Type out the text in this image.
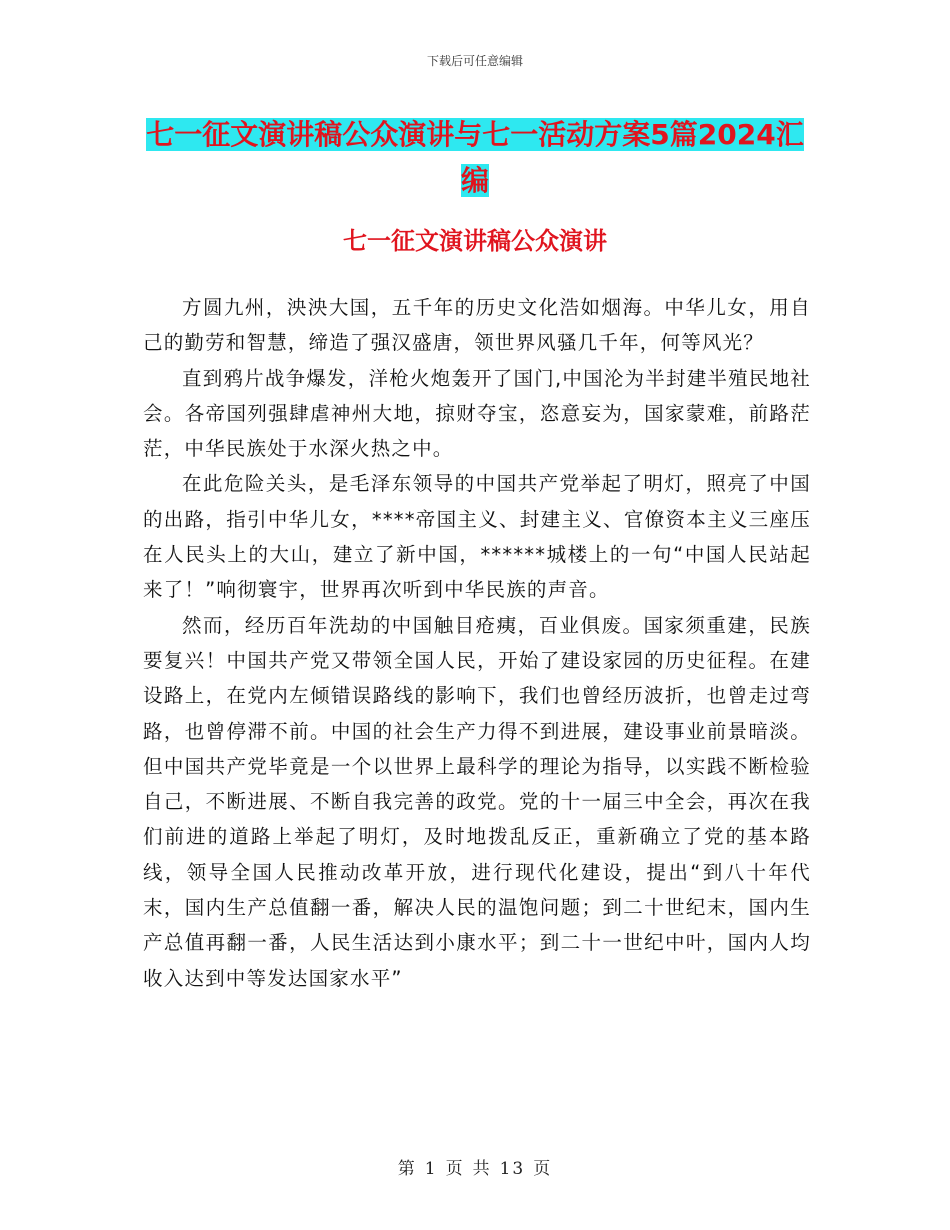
下载后可任意编辑
七一征文演讲稿公众演讲与七一活动方案5篇2024汇编
七一征文演讲稿公众演讲

方圆九州，泱泱大国，五千年的历史文化浩如烟海。中华儿女，用自己的勤劳和智慧，缔造了强汉盛唐，领世界风骚几千年，何等风光？

直到鸦片战争爆发，洋枪火炮轰开了国门,中国沦为半封建半殖民地社会。各帝国列强肆虐神州大地，掠财夺宝，恣意妄为，国家蒙难，前路茫茫，中华民族处于水深火热之中。

在此危险关头，是毛泽东领导的中国共产党举起了明灯，照亮了中国的出路，指引中华儿女，****帝国主义、封建主义、官僚资本主义三座压在人民头上的大山，建立了新中国，******城楼上的一句“中国人民站起来了！”响彻寰宇，世界再次听到中华民族的声音。

然而，经历百年洗劫的中国触目疮痍，百业俱废。国家须重建，民族要复兴！中国共产党又带领全国人民，开始了建设家园的历史征程。在建设路上，在党内左倾错误路线的影响下，我们也曾经历波折，也曾走过弯路，也曾停滞不前。中国的社会生产力得不到进展，建设事业前景暗淡。但中国共产党毕竟是一个以世界上最科学的理论为指导，以实践不断检验自己，不断进展、不断自我完善的政党。党的十一届三中全会，再次在我们前进的道路上举起了明灯，及时地拨乱反正，重新确立了党的基本路线，领导全国人民推动改革开放，进行现代化建设，提出“到八十年代末，国内生产总值翻一番，解决人民的温饱问题；到二十世纪末，国内生产总值再翻一番，人民生活达到小康水平；到二十一世纪中叶，国内人均收入达到中等发达国家水平”

第 1 页 共 13 页
